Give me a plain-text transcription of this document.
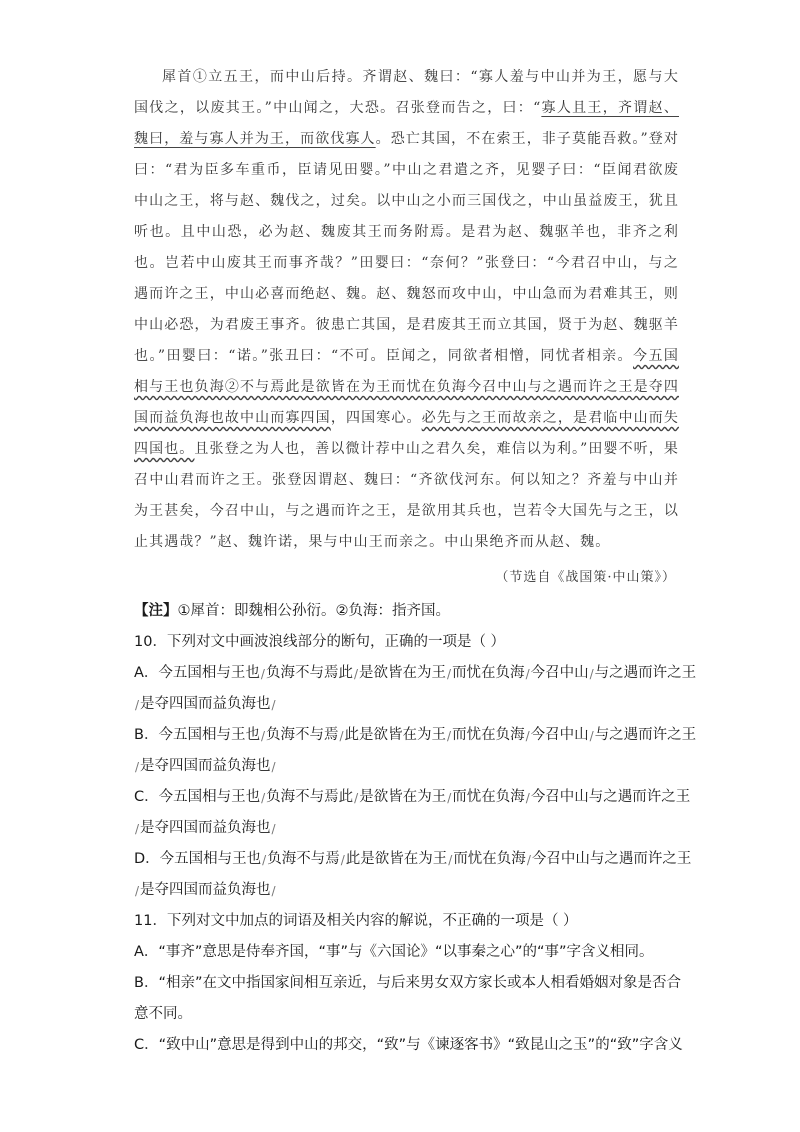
犀首①立五王，而中山后持。齐谓赵、魏曰：“寡人羞与中山并为王，愿与大国伐之，以废其王。”中山闻之，大恐。召张登而告之，曰：“寡人且王，齐谓赵、魏曰，羞与寡人并为王，而欲伐寡人。恐亡其国，不在索王，非子莫能吾救。”登对曰：“君为臣多车重币，臣请见田婴。”中山之君遣之齐，见婴子曰：“臣闻君欲废中山之王，将与赵、魏伐之，过矣。以中山之小而三国伐之，中山虽益废王，犹且听也。且中山恐，必为赵、魏废其王而务附焉。是君为赵、魏驱羊也，非齐之利也。岂若中山废其王而事齐哉？”田婴曰：“奈何？”张登曰：“今君召中山，与之遇而许之王，中山必喜而绝赵、魏。赵、魏怒而攻中山，中山急而为君难其王，则中山必恐，为君废王事齐。彼患亡其国，是君废其王而立其国，贤于为赵、魏驱羊也。”田婴曰：“诺。”张丑曰：“不可。臣闻之，同欲者相憎，同忧者相亲。今五国相与王也负海②不与焉此是欲皆在为王而忧在负海今召中山与之遇而许之王是夺四国而益负海也故中山而寡四国，四国寒心。必先与之王而故亲之，是君临中山而失四国也。且张登之为人也，善以微计荐中山之君久矣，难信以为利。”田婴不听，果召中山君而许之王。张登因谓赵、魏曰：“齐欲伐河东。何以知之？齐羞与中山并为王甚矣，今召中山，与之遇而许之王，是欲用其兵也，岂若令大国先与之王，以止其遇哉？”赵、魏许诺，果与中山王而亲之。中山果绝齐而从赵、魏。

（节选自《战国策·中山策》）

【注】①犀首：即魏相公孙衍。②负海：指齐国。

10．下列对文中画波浪线部分的断句，正确的一项是（ ）

A．今五国相与王也/负海不与焉此/是欲皆在为王/而忧在负海/今召中山/与之遇而许之王

/是夺四国而益负海也/

B．今五国相与王也/负海不与焉/此是欲皆在为王/而忧在负海/今召中山/与之遇而许之王

/是夺四国而益负海也/

C．今五国相与王也/负海不与焉此/是欲皆在为王/而忧在负海/今召中山与之遇而许之王

/是夺四国而益负海也/

D．今五国相与王也/负海不与焉/此是欲皆在为王/而忧在负海/今召中山与之遇而许之王

/是夺四国而益负海也/

11．下列对文中加点的词语及相关内容的解说，不正确的一项是（ ）

A．“事齐”意思是侍奉齐国，“事”与《六国论》“以事秦之心”的“事”字含义相同。

B．“相亲”在文中指国家间相互亲近，与后来男女双方家长或本人相看婚姻对象是否合

意不同。

C．“致中山”意思是得到中山的邦交，“致”与《谏逐客书》“致昆山之玉”的“致”字含义
